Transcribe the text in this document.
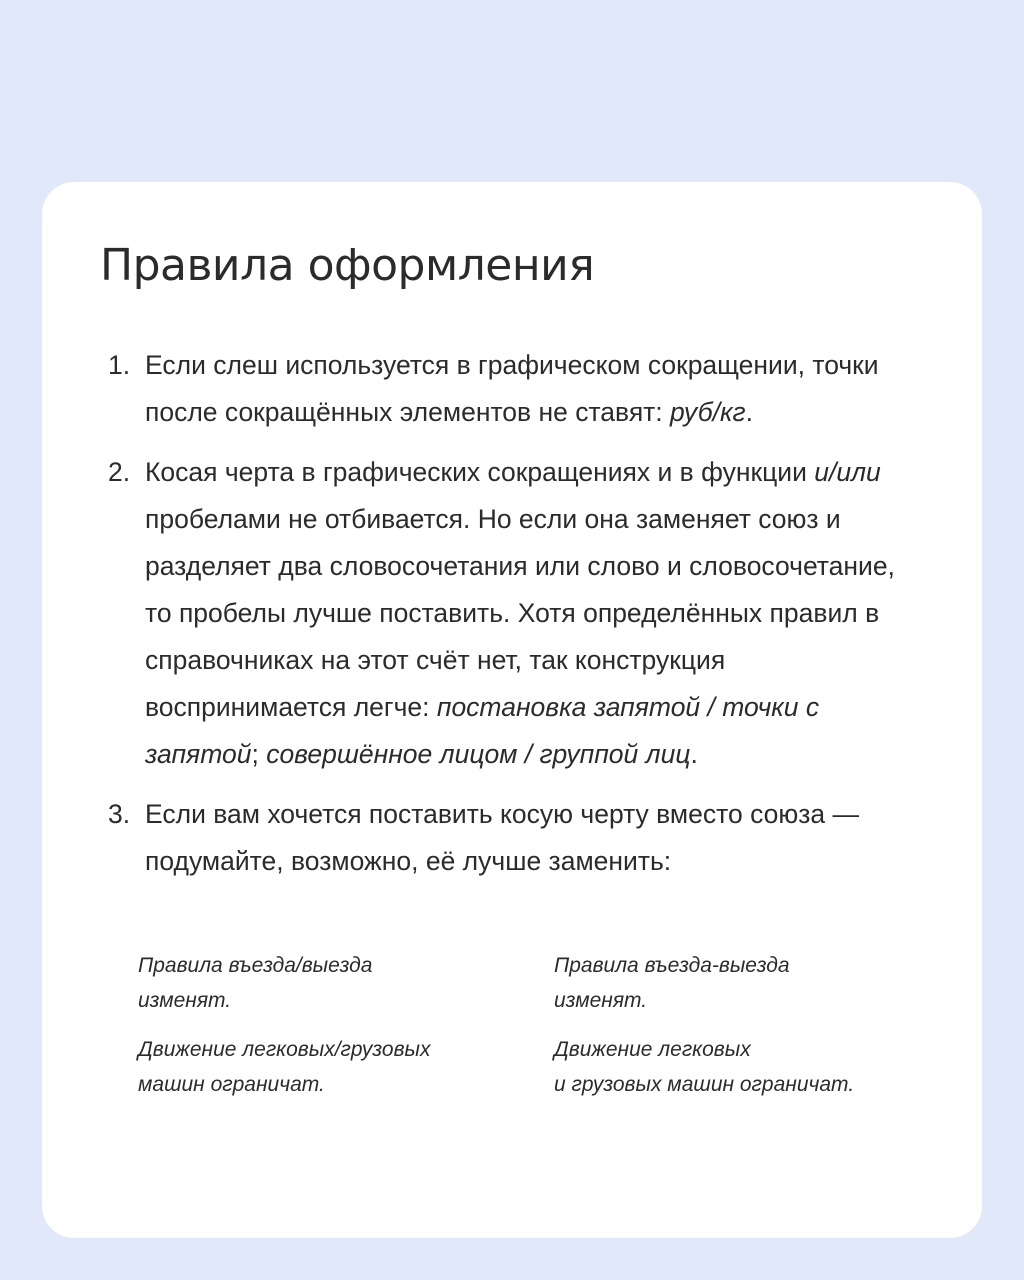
Правила оформления
1. Если слеш используется в графическом сокращении, точки после сокращённых элементов не ставят: руб/кг.
2. Косая черта в графических сокращениях и в функции и/или пробелами не отбивается. Но если она заменяет союз и разделяет два словосочетания или слово и словосочетание, то пробелы лучше поставить. Хотя определённых правил в справочниках на этот счёт нет, так конструкция воспринимается легче: постановка запятой / точки с запятой; совершённое лицом / группой лиц.
3. Если вам хочется поставить косую черту вместо союза — подумайте, возможно, её лучше заменить:
Правила въезда/выезда
изменят.
Правила въезда-выезда
изменят.
Движение легковых/грузовых
машин ограничат.
Движение легковых
и грузовых машин ограничат.
